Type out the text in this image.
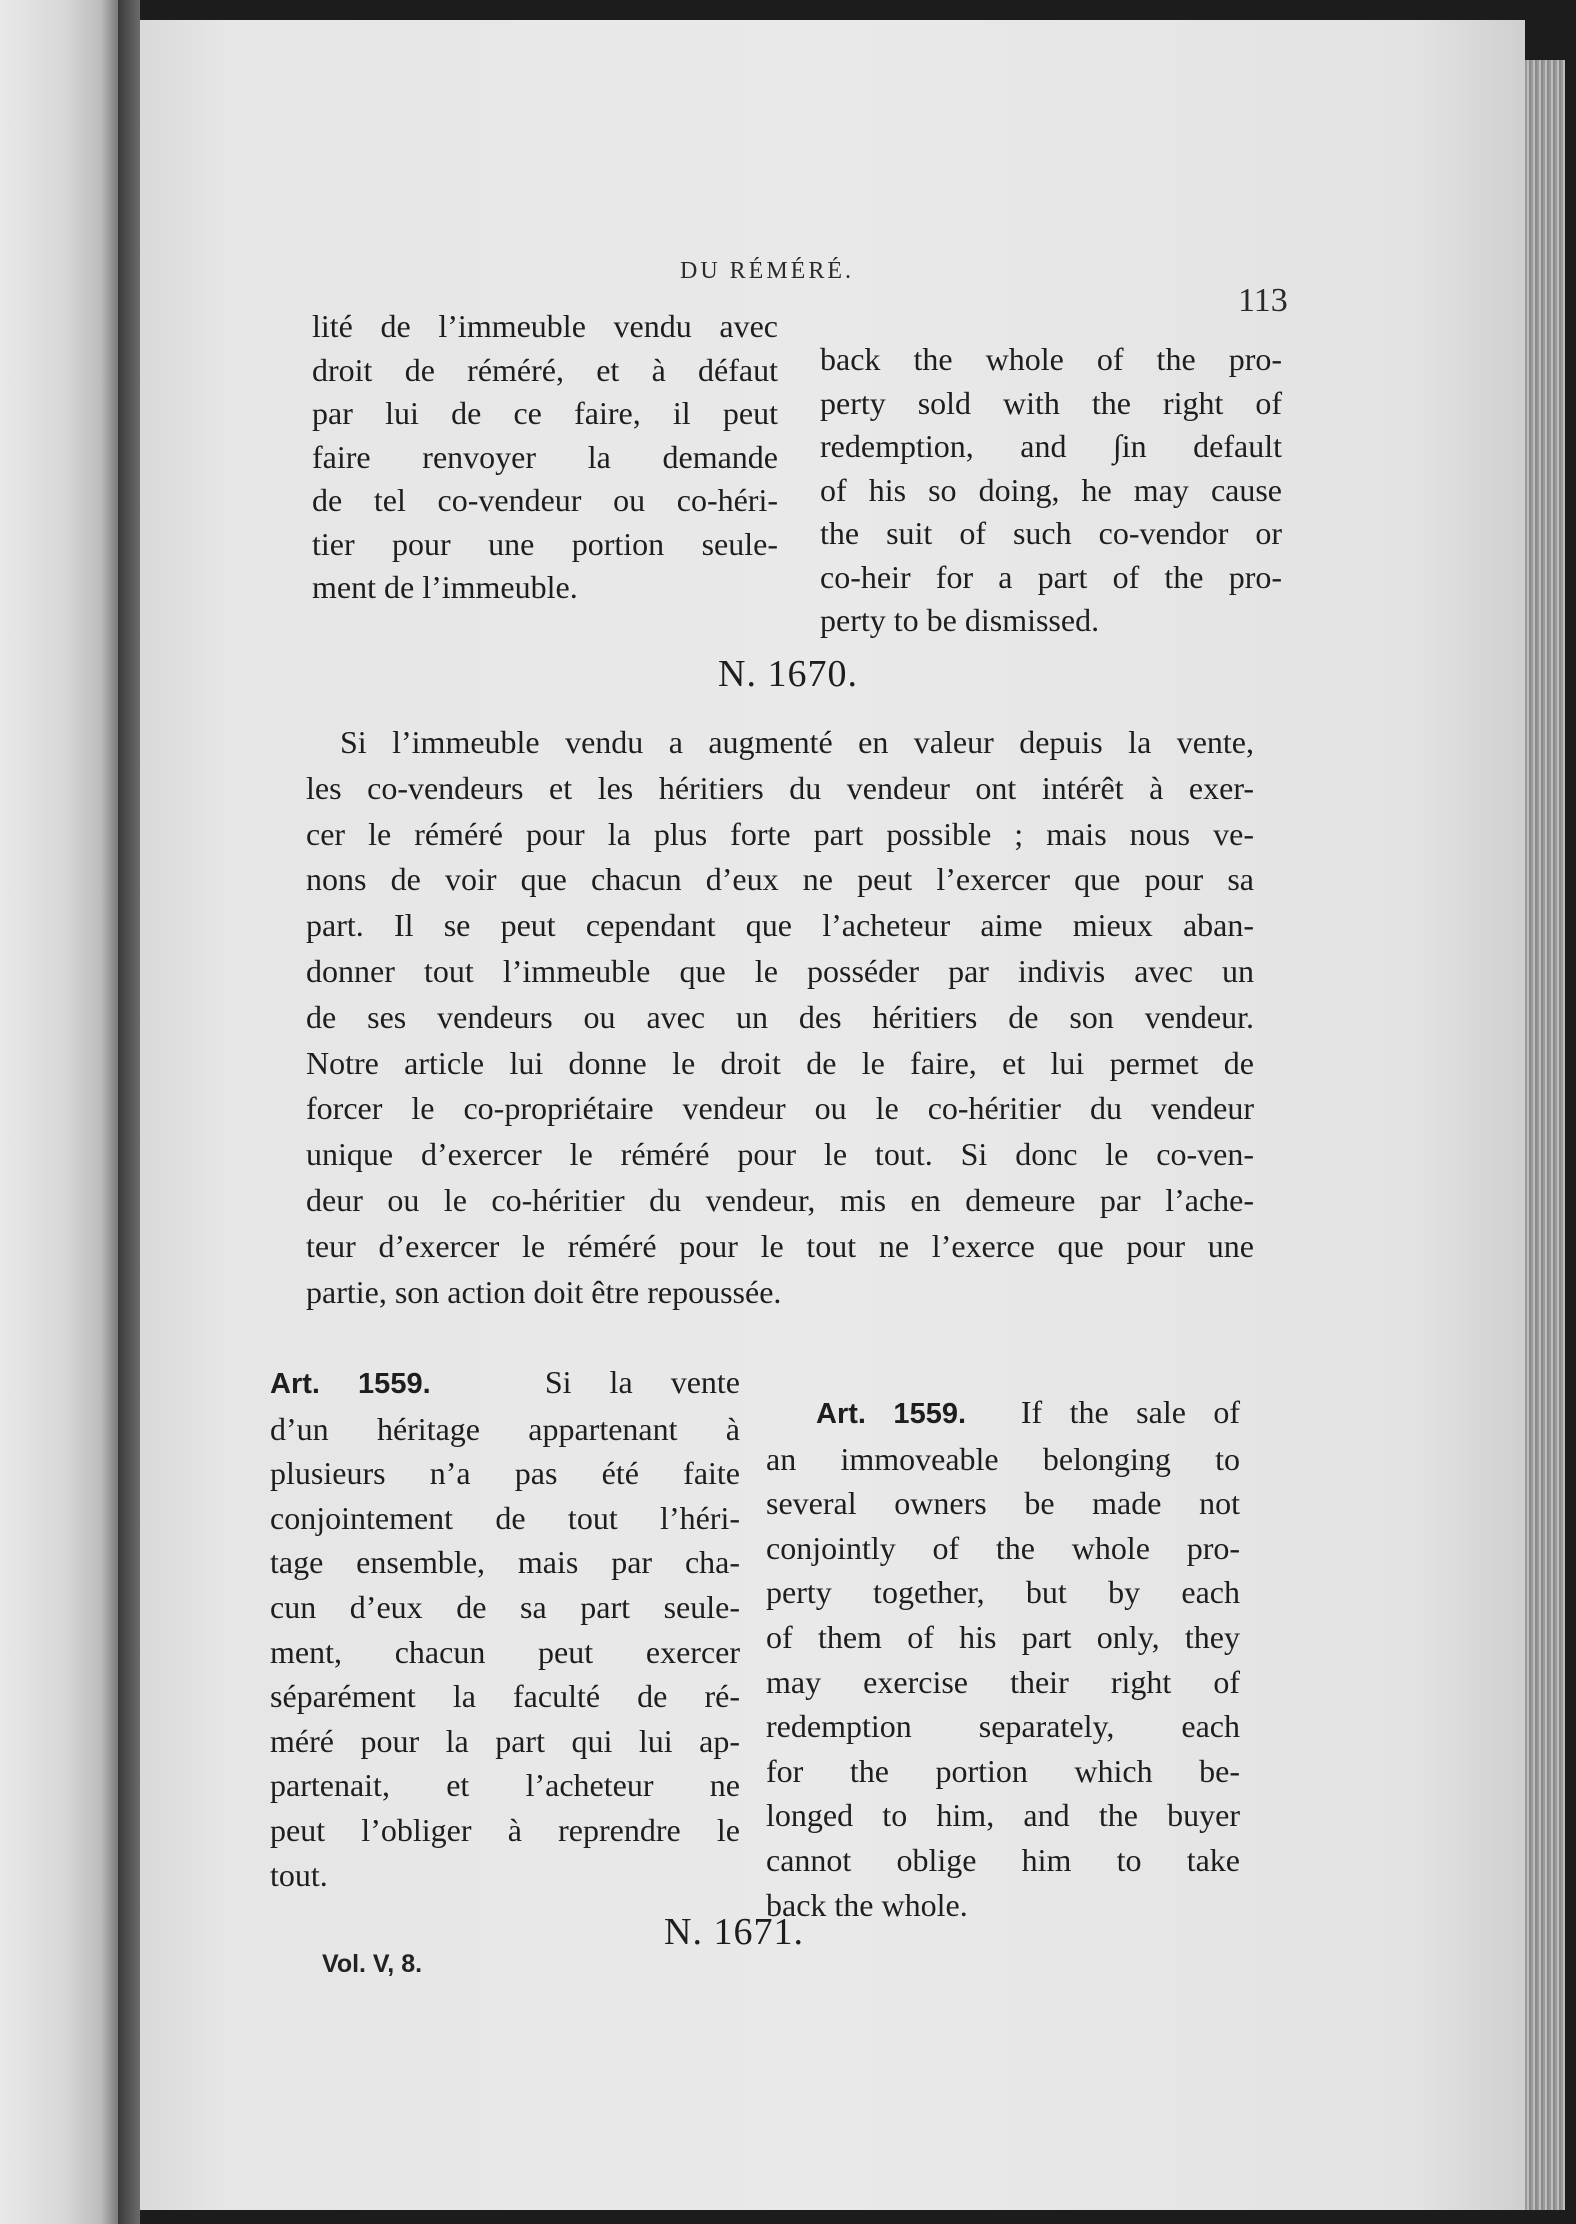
DU RÉMÉRÉ.
113
lité de l’immeuble vendu avec
droit de réméré, et à défaut
par lui de ce faire, il peut
faire renvoyer la demande
de tel co-vendeur ou co-héri-
tier pour une portion seule-
ment de l’immeuble.
back the whole of the pro-
perty sold with the right of
redemption, and ∫in default
of his so doing, he may cause
the suit of such co-vendor or
co-heir for a part of the pro-
perty to be dismissed.
N. 1670.
Si l’immeuble vendu a augmenté en valeur depuis la vente,
les co-vendeurs et les héritiers du vendeur ont intérêt à exer-
cer le réméré pour la plus forte part possible ; mais nous ve-
nons de voir que chacun d’eux ne peut l’exercer que pour sa
part. Il se peut cependant que l’acheteur aime mieux aban-
donner tout l’immeuble que le posséder par indivis avec un
de ses vendeurs ou avec un des héritiers de son vendeur.
Notre article lui donne le droit de le faire, et lui permet de
forcer le co-propriétaire vendeur ou le co-héritier du vendeur
unique d’exercer le réméré pour le tout. Si donc le co-ven-
deur ou le co-héritier du vendeur, mis en demeure par l’ache-
teur d’exercer le réméré pour le tout ne l’exerce que pour une
partie, son action doit être repoussée.
Art. 1559.	Si la vente
d’un héritage appartenant à
plusieurs n’a pas été faite
conjointement de tout l’héri-
tage ensemble, mais par cha-
cun d’eux de sa part seule-
ment, chacun peut exercer
séparément la faculté de ré-
méré pour la part qui lui ap-
partenait, et l’acheteur ne
peut l’obliger à reprendre le
tout.
Art. 1559. If the sale of
an immoveable belonging to
several owners be made not
conjointly of the whole pro-
perty together, but by each
of them of his part only, they
may exercise their right of
redemption separately, each
for the portion which be-
longed to him, and the buyer
cannot oblige him to take
back the whole.
N. 1671.
Vol. V, 8.
